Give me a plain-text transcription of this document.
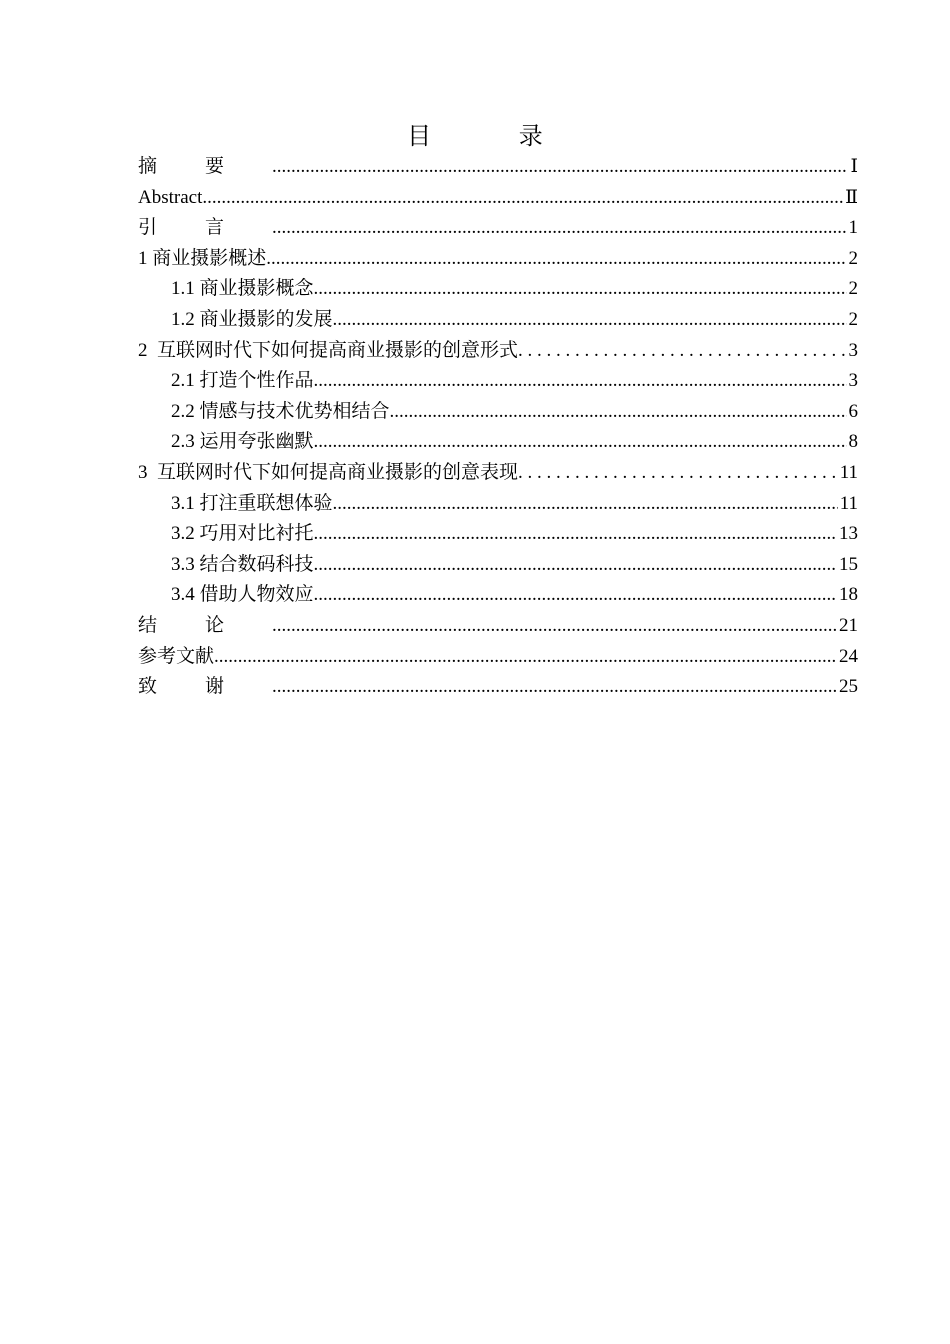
目 录
摘要 .....	Ⅰ
Abstract .....	Ⅱ
引言 .....	1
1 商业摄影概述 .....	2
1.1 商业摄影概念 .....	2
1.2 商业摄影的发展 .....	2
2  互联网时代下如何提高商业摄影的创意形式 . . .	3
2.1 打造个性作品 .....	3
2.2 情感与技术优势相结合 .....	6
2.3 运用夸张幽默 .....	8
3  互联网时代下如何提高商业摄影的创意表现 . . .	11
3.1 打注重联想体验 .....	11
3.2 巧用对比衬托 .....	13
3.3 结合数码科技 .....	15
3.4 借助人物效应 .....	18
结论 .....	21
参考文献 .....	24
致谢 .....	25
